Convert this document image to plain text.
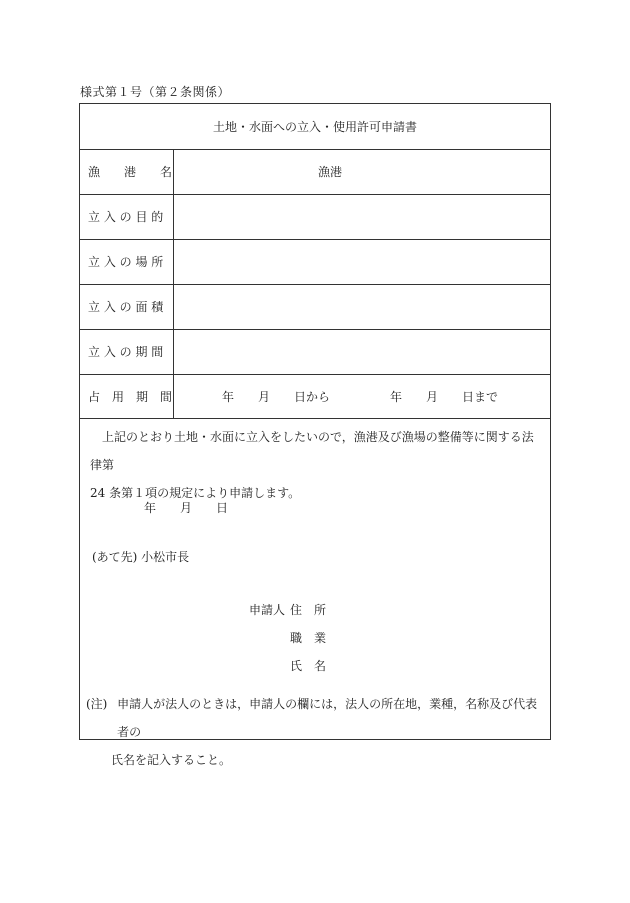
様式第１号（第２条関係）
土地・水面への立入・使用許可申請書
漁　　港　　名 　　　　　　　　　　　　漁港
立 入 の 目 的
立 入 の 場 所
立 入 の 面 積
立 入 の 期 間
占　用　期　間 　　　　年　　月　　日から　　　　　年　　月　　日まで

上記のとおり土地・水面に立入をしたいので，漁港及び漁場の整備等に関する法律第

24 条第１項の規定により申請します。

年　　月　　日
(あて先) 小松市長
申請人 住　所
職　業
氏　名
(注) 申請人が法人のときは，申請人の欄には，法人の所在地，業種，名称及び代表者の
氏名を記入すること。
